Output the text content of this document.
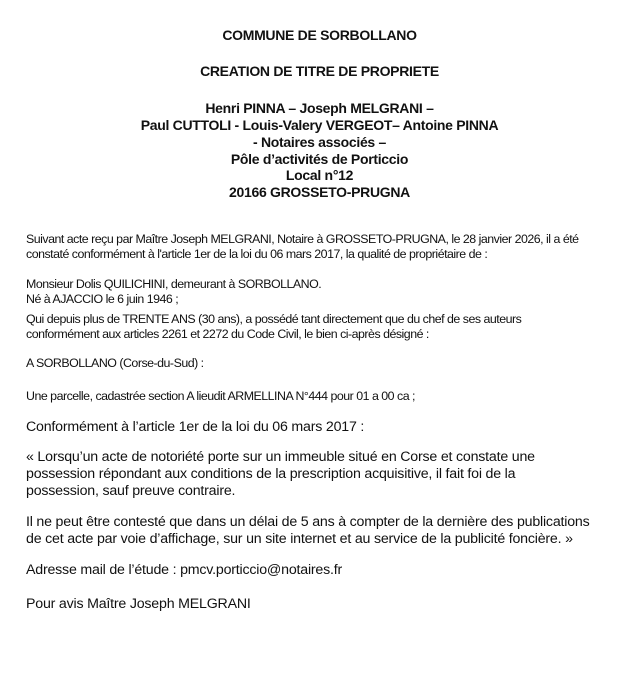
COMMUNE DE SORBOLLANO
CREATION DE TITRE DE PROPRIETE
Henri PINNA – Joseph MELGRANI –
Paul CUTTOLI - Louis-Valery VERGEOT– Antoine PINNA
- Notaires associés –
Pôle d’activités de Porticcio
Local n°12
20166 GROSSETO-PRUGNA
Suivant acte reçu par Maître Joseph MELGRANI, Notaire à GROSSETO-PRUGNA, le 28 janvier 2026, il a été
constaté conformément à l'article 1er de la loi du 06 mars 2017, la qualité de propriétaire de :
Monsieur Dolis QUILICHINI, demeurant à SORBOLLANO.
Né à AJACCIO le 6 juin 1946 ;
Qui depuis plus de TRENTE ANS (30 ans), a possédé tant directement que du chef de ses auteurs
conformément aux articles 2261 et 2272 du Code Civil, le bien ci-après désigné :
A SORBOLLANO (Corse-du-Sud) :
Une parcelle, cadastrée section A lieudit ARMELLINA N°444 pour 01 a 00 ca ;
Conformément à l’article 1er de la loi du 06 mars 2017 :
« Lorsqu’un acte de notoriété porte sur un immeuble situé en Corse et constate une
possession répondant aux conditions de la prescription acquisitive, il fait foi de la
possession, sauf preuve contraire.
Il ne peut être contesté que dans un délai de 5 ans à compter de la dernière des publications
de cet acte par voie d’affichage, sur un site internet et au service de la publicité foncière. »
Adresse mail de l’étude : pmcv.porticcio@notaires.fr
Pour avis Maître Joseph MELGRANI
